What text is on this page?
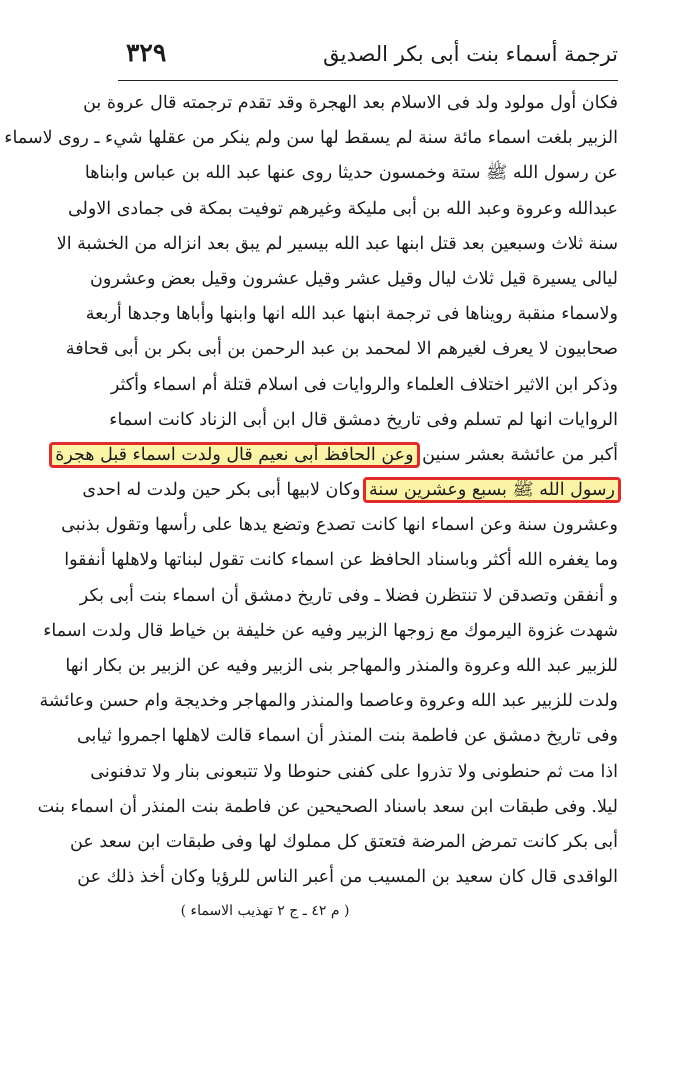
٣٢٩	ترجمة أسماء بنت أبى بكر الصديق
فكان أول مولود ولد فى الاسلام بعد الهجرة وقد تقدم ترجمته قال عروة بن
الزبير بلغت اسماء مائة سنة لم يسقط لها سن ولم ينكر من عقلها شيء ـ روى لاسماء
عن رسول الله ﷺ ستة وخمسون حديثا روى عنها عبد الله بن عباس وابناها
عبدالله وعروة وعبد الله بن أبى مليكة وغيرهم توفيت بمكة فى جمادى الاولى
سنة ثلاث وسبعين بعد قتل ابنها عبد الله بيسير لم يبق بعد انزاله من الخشبة الا
ليالى يسيرة قيل ثلاث ليال وقيل عشر وقيل عشرون وقيل بعض وعشرون
ولاسماء منقبة رويناها فى ترجمة ابنها عبد الله انها وابنها وأباها وجدها أربعة
صحابيون لا يعرف لغيرهم الا لمحمد بن عبد الرحمن بن أبى بكر بن أبى قحافة
وذكر ابن الاثير اختلاف العلماء والروايات فى اسلام قتلة أم اسماء وأكثر
الروايات انها لم تسلم وفى تاريخ دمشق قال ابن أبى الزناد كانت اسماء
أكبر من عائشة بعشر سنين وعن الحافظ أبى نعيم قال ولدت اسماء قبل هجرة
رسول الله ﷺ بسبع وعشرين سنة وكان لابيها أبى بكر حين ولدت له احدى
وعشرون سنة وعن اسماء انها كانت تصدع وتضع يدها على رأسها وتقول بذنبى
وما يغفره الله أكثر وباسناد الحافظ عن اسماء كانت تقول لبناتها ولاهلها أنفقوا
و أنفقن وتصدقن لا تنتظرن فضلا ـ وفى تاريخ دمشق أن اسماء بنت أبى بكر
شهدت غزوة اليرموك مع زوجها الزبير وفيه عن خليفة بن خياط قال ولدت اسماء
للزبير عبد الله وعروة والمنذر والمهاجر بنى الزبير وفيه عن الزبير بن بكار انها
ولدت للزبير عبد الله وعروة وعاصما والمنذر والمهاجر وخديجة وام حسن وعائشة
وفى تاريخ دمشق عن فاطمة بنت المنذر أن اسماء قالت لاهلها اجمروا ثيابى
اذا مت ثم حنطونى ولا تذروا على كفنى حنوطا ولا تتبعونى بنار ولا تدفنونى
ليلا. وفى طبقات ابن سعد باسناد الصحيحين عن فاطمة بنت المنذر أن اسماء بنت
أبى بكر كانت تمرض المرضة فتعتق كل مملوك لها وفى طبقات ابن سعد عن
الواقدى قال كان سعيد بن المسيب من أعبر الناس للرؤيا وكان أخذ ذلك عن
( م ٤٢ ـ ج ٢ تهذيب الاسماء )
